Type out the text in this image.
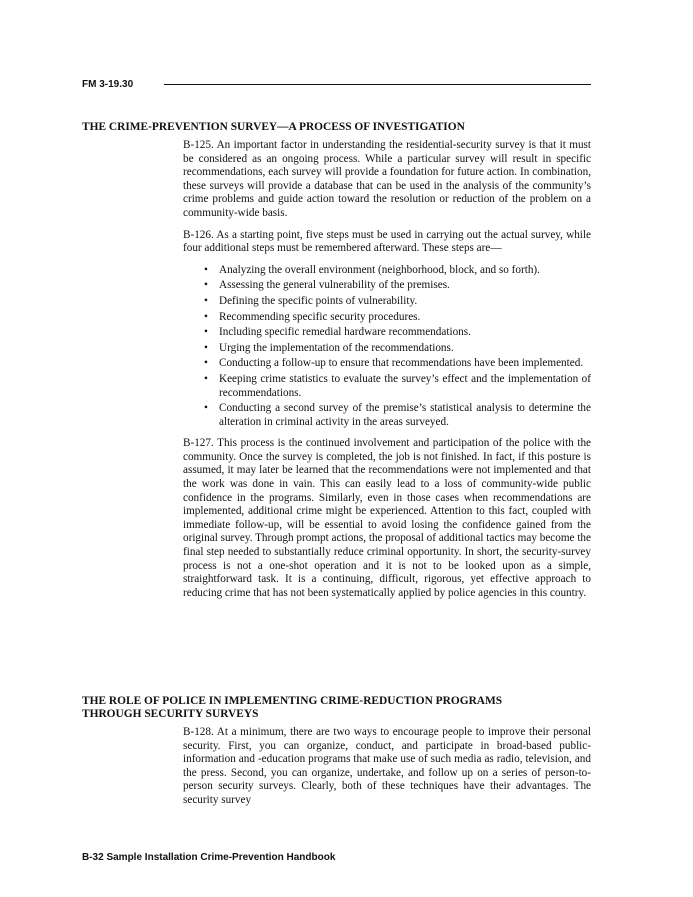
FM 3-19.30
THE CRIME-PREVENTION SURVEY—A PROCESS OF INVESTIGATION

B-125. An important factor in understanding the residential-security survey is that it must be considered as an ongoing process. While a particular survey will result in specific recommendations, each survey will provide a foundation for future action. In combination, these surveys will provide a database that can be used in the analysis of the community’s crime problems and guide action toward the resolution or reduction of the problem on a community-wide basis.

B-126. As a starting point, five steps must be used in carrying out the actual survey, while four additional steps must be remembered afterward. These steps are—

• Analyzing the overall environment (neighborhood, block, and so forth).
• Assessing the general vulnerability of the premises.
• Defining the specific points of vulnerability.
• Recommending specific security procedures.
• Including specific remedial hardware recommendations.
• Urging the implementation of the recommendations.
• Conducting a follow-up to ensure that recommendations have been implemented.
• Keeping crime statistics to evaluate the survey’s effect and the implementation of recommendations.
• Conducting a second survey of the premise’s statistical analysis to determine the alteration in criminal activity in the areas surveyed.

B-127. This process is the continued involvement and participation of the police with the community. Once the survey is completed, the job is not finished. In fact, if this posture is assumed, it may later be learned that the recommendations were not implemented and that the work was done in vain. This can easily lead to a loss of community-wide public confidence in the programs. Similarly, even in those cases when recommendations are implemented, additional crime might be experienced. Attention to this fact, coupled with immediate follow-up, will be essential to avoid losing the confidence gained from the original survey. Through prompt actions, the proposal of additional tactics may become the final step needed to substantially reduce criminal opportunity. In short, the security-survey process is not a one-shot operation and it is not to be looked upon as a simple, straightforward task. It is a continuing, difficult, rigorous, yet effective approach to reducing crime that has not been systematically applied by police agencies in this country.

THE ROLE OF POLICE IN IMPLEMENTING CRIME-REDUCTION PROGRAMS
THROUGH SECURITY SURVEYS

B-128. At a minimum, there are two ways to encourage people to improve their personal security. First, you can organize, conduct, and participate in broad-based public-information and -education programs that make use of such media as radio, television, and the press. Second, you can organize, undertake, and follow up on a series of person-to-person security surveys. Clearly, both of these techniques have their advantages. The security survey

B-32 Sample Installation Crime-Prevention Handbook
